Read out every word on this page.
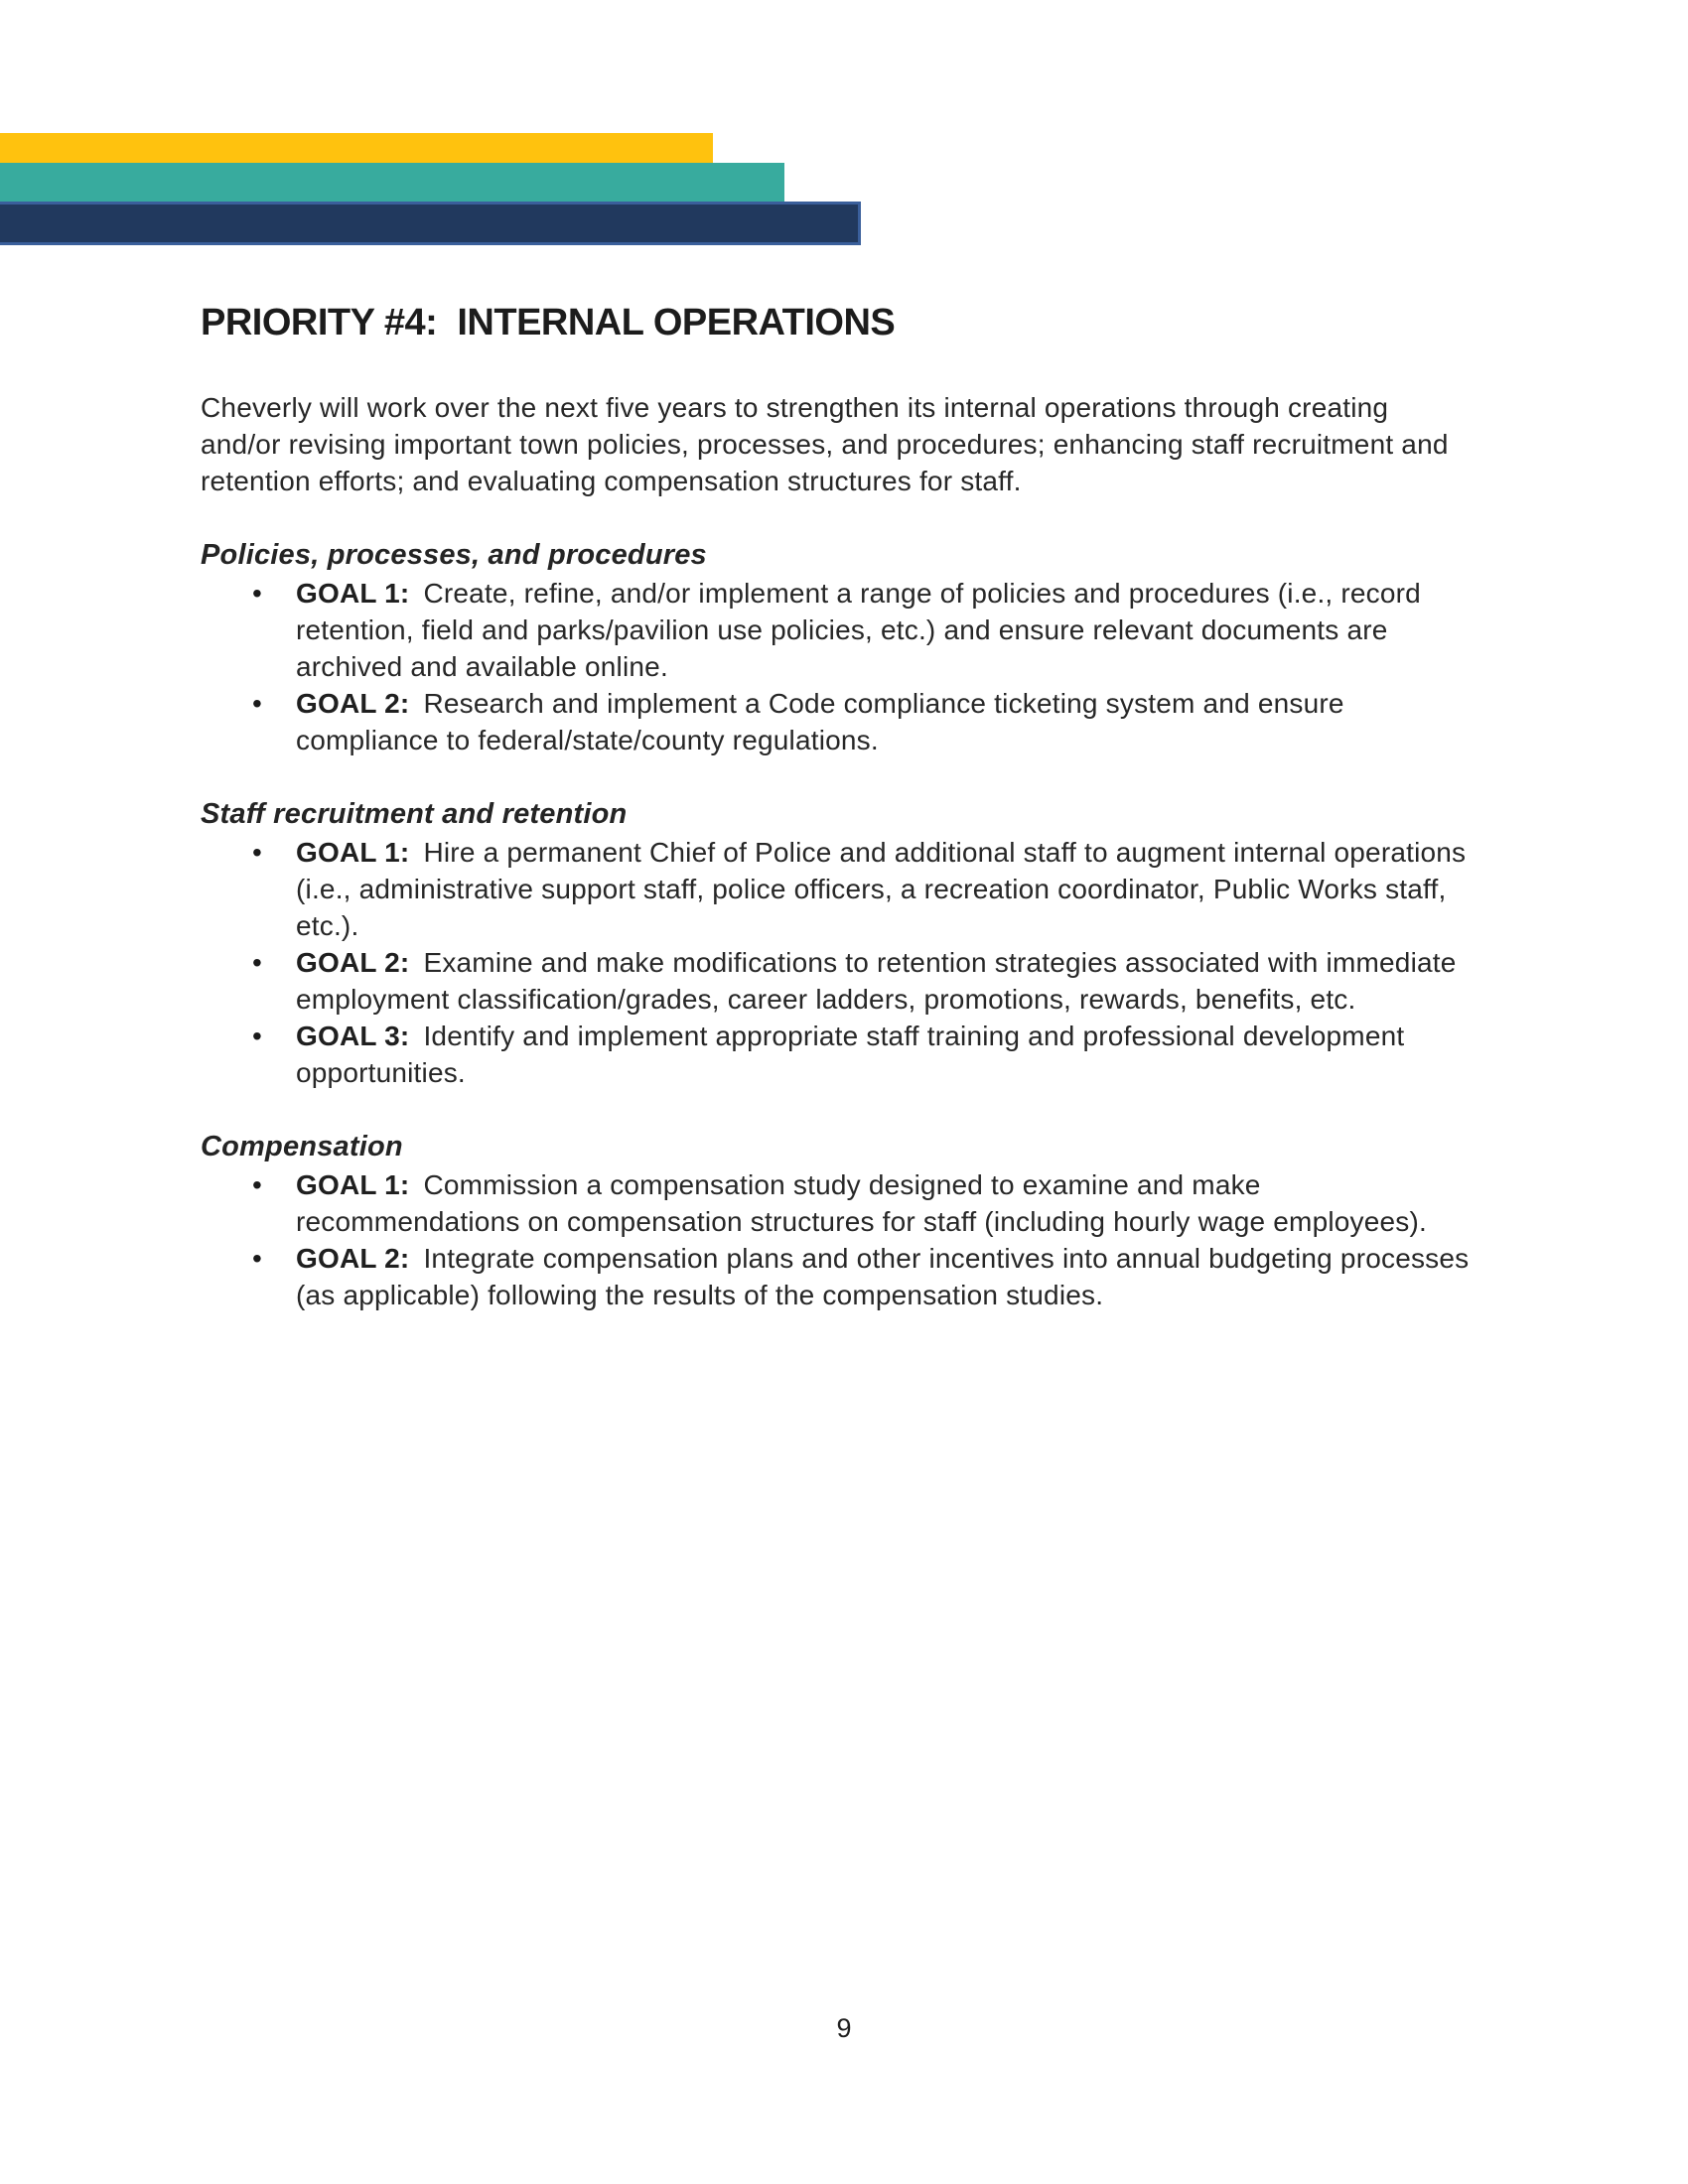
PRIORITY #4:  INTERNAL OPERATIONS

Cheverly will work over the next five years to strengthen its internal operations through creating and/or revising important town policies, processes, and procedures; enhancing staff recruitment and retention efforts; and evaluating compensation structures for staff.

Policies, processes, and procedures
• GOAL 1: Create, refine, and/or implement a range of policies and procedures (i.e., record retention, field and parks/pavilion use policies, etc.) and ensure relevant documents are archived and available online.
• GOAL 2: Research and implement a Code compliance ticketing system and ensure compliance to federal/state/county regulations.
Staff recruitment and retention
• GOAL 1: Hire a permanent Chief of Police and additional staff to augment internal operations (i.e., administrative support staff, police officers, a recreation coordinator, Public Works staff, etc.).
• GOAL 2: Examine and make modifications to retention strategies associated with immediate employment classification/grades, career ladders, promotions, rewards, benefits, etc.
• GOAL 3: Identify and implement appropriate staff training and professional development opportunities.
Compensation
• GOAL 1: Commission a compensation study designed to examine and make recommendations on compensation structures for staff (including hourly wage employees).
• GOAL 2: Integrate compensation plans and other incentives into annual budgeting processes (as applicable) following the results of the compensation studies.
9
